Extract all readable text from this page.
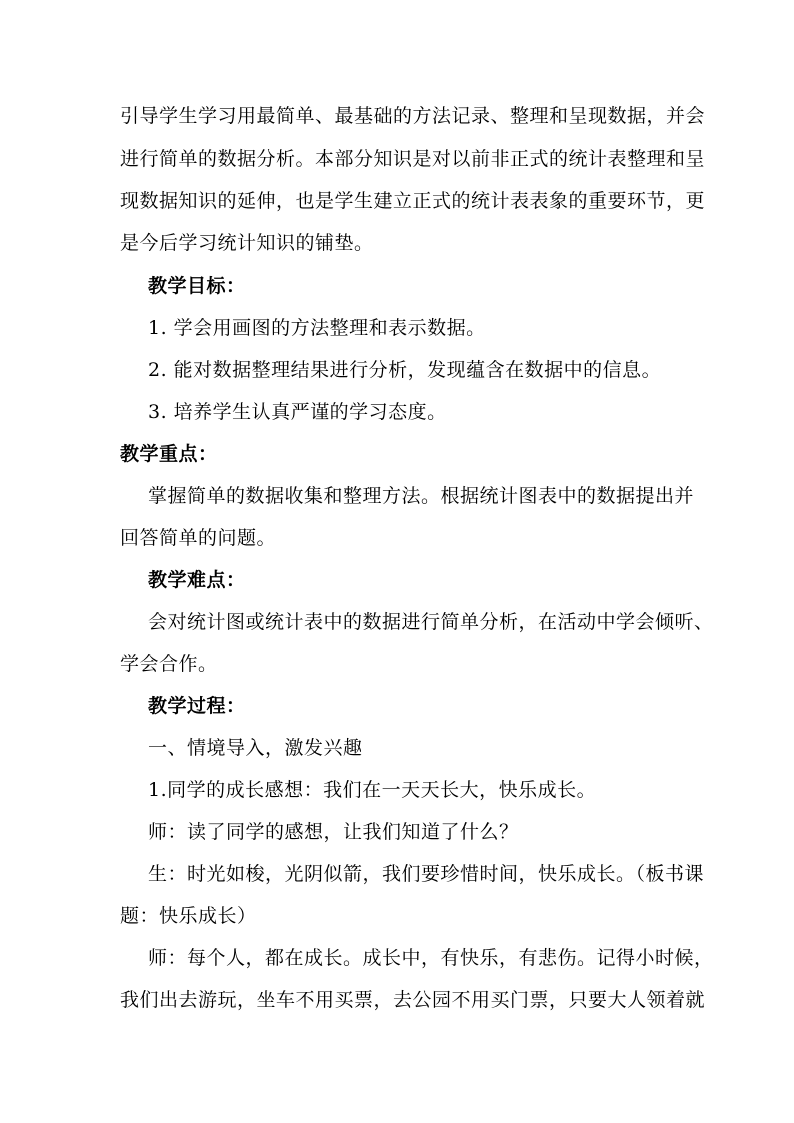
引导学生学习用最简单、最基础的方法记录、整理和呈现数据，并会
进行简单的数据分析。本部分知识是对以前非正式的统计表整理和呈
现数据知识的延伸，也是学生建立正式的统计表表象的重要环节，更
是今后学习统计知识的铺垫。
教学目标：
1. 学会用画图的方法整理和表示数据。
2. 能对数据整理结果进行分析，发现蕴含在数据中的信息。
3. 培养学生认真严谨的学习态度。
教学重点：
掌握简单的数据收集和整理方法。根据统计图表中的数据提出并
回答简单的问题。
教学难点：
会对统计图或统计表中的数据进行简单分析，在活动中学会倾听、
学会合作。
教学过程：
一、情境导入，激发兴趣
1.同学的成长感想：我们在一天天长大，快乐成长。
师：读了同学的感想，让我们知道了什么？
生：时光如梭，光阴似箭，我们要珍惜时间，快乐成长。（板书课
题：快乐成长）
师：每个人，都在成长。成长中，有快乐，有悲伤。记得小时候，
我们出去游玩，坐车不用买票，去公园不用买门票，只要大人领着就
